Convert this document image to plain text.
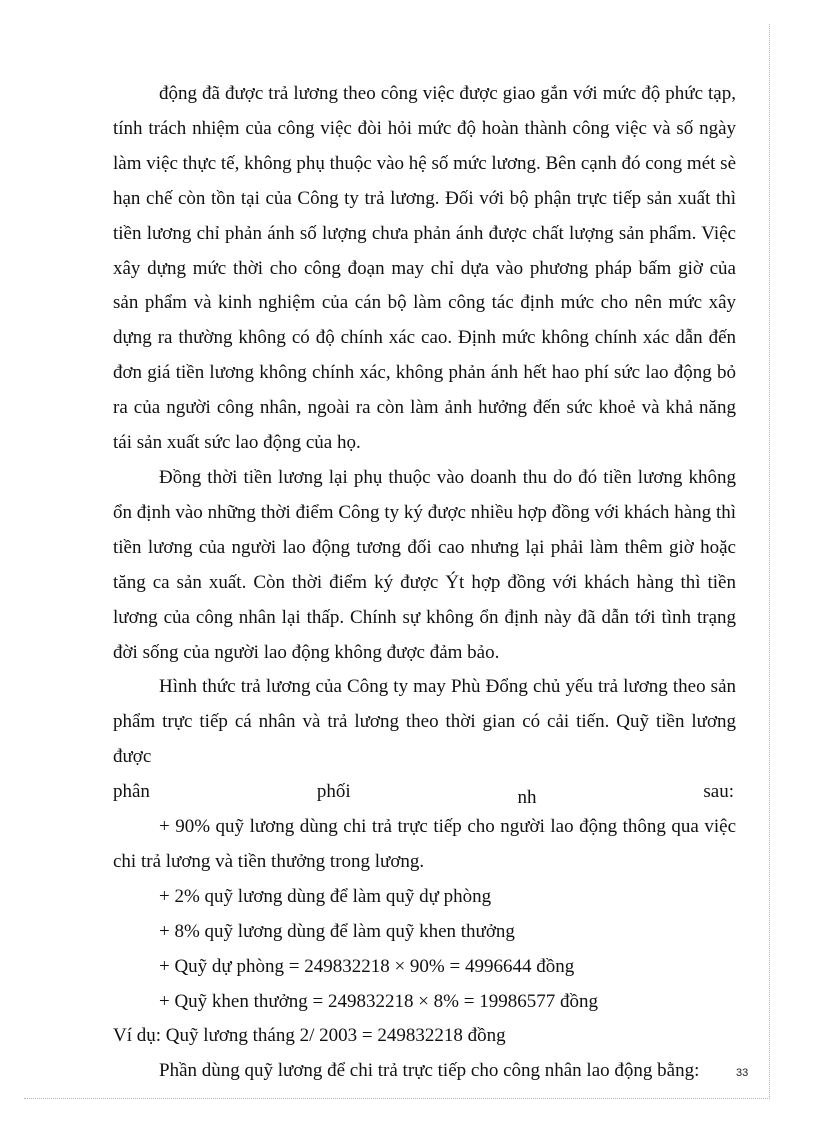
động đã được trả lương theo công việc được giao gắn với mức độ phức tạp, tính trách nhiệm của công việc đòi hỏi mức độ hoàn thành công việc và số ngày làm việc thực tế, không phụ thuộc vào hệ số mức lương. Bên cạnh đó cong mét sè hạn chế còn tồn tại của Công ty trả lương. Đối với bộ phận trực tiếp sản xuất thì tiền lương chỉ phản ánh số lượng chưa phản ánh được chất lượng sản phẩm. Việc xây dựng mức thời cho công đoạn may chỉ dựa vào phương pháp bấm giờ của sản phẩm và kinh nghiệm của cán bộ làm công tác định mức cho nên mức xây dựng ra thường không có độ chính xác cao. Định mức không chính xác dẫn đến đơn giá tiền lương không chính xác, không phản ánh hết hao phí sức lao động bỏ ra của người công nhân, ngoài ra còn làm ảnh hưởng đến sức khoẻ và khả năng tái sản xuất sức lao động của họ.

Đồng thời tiền lương lại phụ thuộc vào doanh thu do đó tiền lương không ổn định vào những thời điểm Công ty ký được nhiều hợp đồng với khách hàng thì tiền lương của người lao động tương đối cao nhưng lại phải làm thêm giờ hoặc tăng ca sản xuất. Còn thời điểm ký được Ýt hợp đồng với khách hàng thì tiền lương của công nhân lại thấp. Chính sự không ổn định này đã dẫn tới tình trạng đời sống của người lao động không được đảm bảo.

Hình thức trả lương của Công ty may Phù Đổng chủ yếu trả lương theo sản phẩm trực tiếp cá nhân và trả lương theo thời gian có cải tiến. Quỹ tiền lương được

phân	phối	nh	sau:

+ 90% quỹ lương dùng chi trả trực tiếp cho người lao động thông qua việc chi trả lương và tiền thưởng trong lương.

+ 2% quỹ lương dùng để làm quỹ dự phòng

+ 8% quỹ lương dùng để làm quỹ khen thưởng

+ Quỹ dự phòng = 249832218 × 90% = 4996644 đồng

+ Quỹ khen thưởng = 249832218 × 8% = 19986577 đồng

Ví dụ: Quỹ lương tháng 2/ 2003 = 249832218 đồng

Phần dùng quỹ lương để chi trả trực tiếp cho công nhân lao động bằng:	33
